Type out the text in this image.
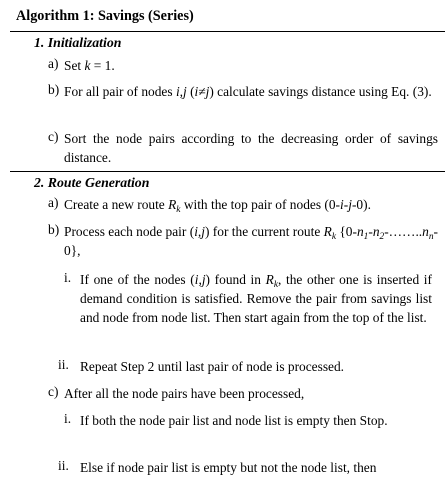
Algorithm 1: Savings (Series)
1. Initialization
a) Set k = 1.
b) For all pair of nodes i,j (i≠j) calculate savings distance using Eq. (3).
c) Sort the node pairs according to the decreasing order of savings distance.
2. Route Generation
a) Create a new route $R_k$ with the top pair of nodes (0-i-j-0).
b) Process each node pair (i,j) for the current route $R_k$ $\{0-n_1-n_2-\dots\dots..n_n-0\}$,
i. If one of the nodes (i,j) found in $R_k$, the other one is inserted if demand condition is satisfied. Remove the pair from savings list and node from node list. Then start again from the top of the list.
ii. Repeat Step 2 until last pair of node is processed.
c) After all the node pairs have been processed,
i. If both the node pair list and node list is empty then Stop.
ii. Else if node pair list is empty but not the node list, then
